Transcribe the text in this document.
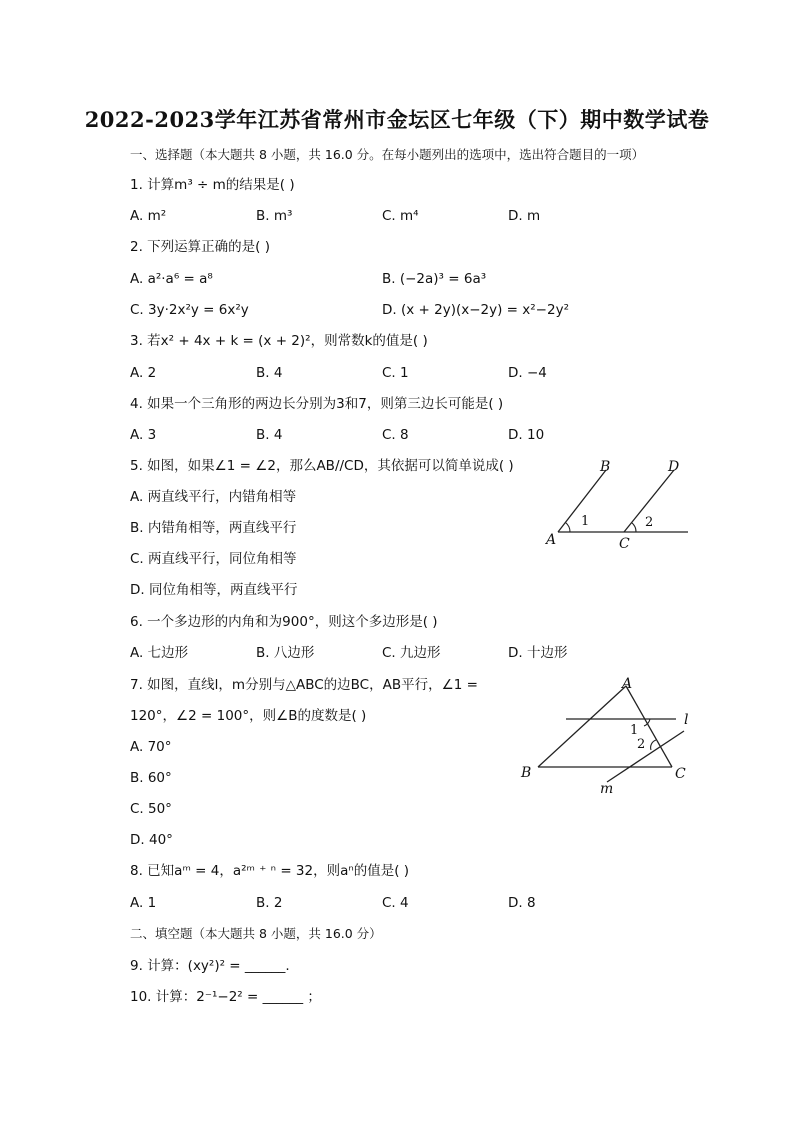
2022-2023学年江苏省常州市金坛区七年级（下）期中数学试卷
一、选择题（本大题共 8 小题，共 16.0 分。在每小题列出的选项中，选出符合题目的一项）
1. 计算m³ ÷ m的结果是( )
A. m²	B. m³	C. m⁴	D. m
2. 下列运算正确的是( )
A. a²·a⁶ = a⁸	B. (−2a)³ = 6a³
C. 3y·2x²y = 6x²y	D. (x + 2y)(x−2y) = x²−2y²
3. 若x² + 4x + k = (x + 2)²，则常数k的值是( )
A. 2	B. 4	C. 1	D. −4
4. 如果一个三角形的两边长分别为3和7，则第三边长可能是( )
A. 3	B. 4	C. 8	D. 10
5. 如图，如果∠1 = ∠2，那么AB//CD，其依据可以简单说成( )
A. 两直线平行，内错角相等
B. 内错角相等，两直线平行
C. 两直线平行，同位角相等
D. 同位角相等，两直线平行
A
B
C
D
1	2
6. 一个多边形的内角和为900°，则这个多边形是( )
A. 七边形	B. 八边形	C. 九边形	D. 十边形
7. 如图，直线l，m分别与△ABC的边BC，AB平行，∠1 =
120°，∠2 = 100°，则∠B的度数是( )
A. 70°
B. 60°
C. 50°
D. 40°
A
B	C
l
m
1
2
8. 已知aᵐ = 4，a²ᵐ ⁺ ⁿ = 32，则aⁿ的值是( )
A. 1	B. 2	C. 4	D. 8
二、填空题（本大题共 8 小题，共 16.0 分）
9. 计算：(xy²)² = ______.
10. 计算：2⁻¹−2² = ______ ；
